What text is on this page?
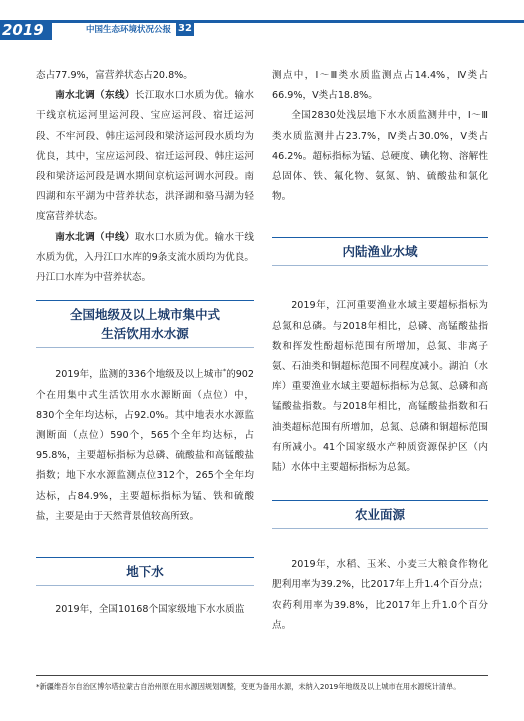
2019	中国生态环境状况公报 32

态占77.9%，富营养状态占20.8%。

南水北调（东线）长江取水口水质为优。输水干线京杭运河里运河段、宝应运河段、宿迁运河段、不牢河段、韩庄运河段和梁济运河段水质均为优良，其中，宝应运河段、宿迁运河段、韩庄运河段和梁济运河段是调水期间京杭运河调水河段。南四湖和东平湖为中营养状态，洪泽湖和骆马湖为轻度富营养状态。

南水北调（中线）取水口水质为优。输水干线水质为优，入丹江口水库的9条支流水质均为优良。丹江口水库为中营养状态。

全国地级及以上城市集中式
生活饮用水水源

2019年，监测的336个地级及以上城市*的902个在用集中式生活饮用水水源断面（点位）中，830个全年均达标，占92.0%。其中地表水水源监测断面（点位）590个，565个全年均达标，占95.8%，主要超标指标为总磷、硫酸盐和高锰酸盐指数；地下水水源监测点位312个，265个全年均达标，占84.9%，主要超标指标为锰、铁和硫酸盐，主要是由于天然背景值较高所致。

地下水

2019年，全国10168个国家级地下水水质监

测点中，Ⅰ～Ⅲ类水质监测点占14.4%，Ⅳ类占66.9%，Ⅴ类占18.8%。

全国2830处浅层地下水水质监测井中，Ⅰ～Ⅲ类水质监测井占23.7%，Ⅳ类占30.0%，Ⅴ类占46.2%。超标指标为锰、总硬度、碘化物、溶解性总固体、铁、氟化物、氨氮、钠、硫酸盐和氯化物。

内陆渔业水域

2019年，江河重要渔业水域主要超标指标为总氮和总磷。与2018年相比，总磷、高锰酸盐指数和挥发性酚超标范围有所增加，总氮、非离子氨、石油类和铜超标范围不同程度减小。湖泊（水库）重要渔业水域主要超标指标为总氮、总磷和高锰酸盐指数。与2018年相比，高锰酸盐指数和石油类超标范围有所增加，总氮、总磷和铜超标范围有所减小。41个国家级水产种质资源保护区（内陆）水体中主要超标指标为总氮。

农业面源

2019年，水稻、玉米、小麦三大粮食作物化肥利用率为39.2%，比2017年上升1.4个百分点；农药利用率为39.8%，比2017年上升1.0个百分点。

*新疆维吾尔自治区博尔塔拉蒙古自治州原在用水源因规划调整，变更为备用水源，未纳入2019年地级及以上城市在用水源统计清单。
